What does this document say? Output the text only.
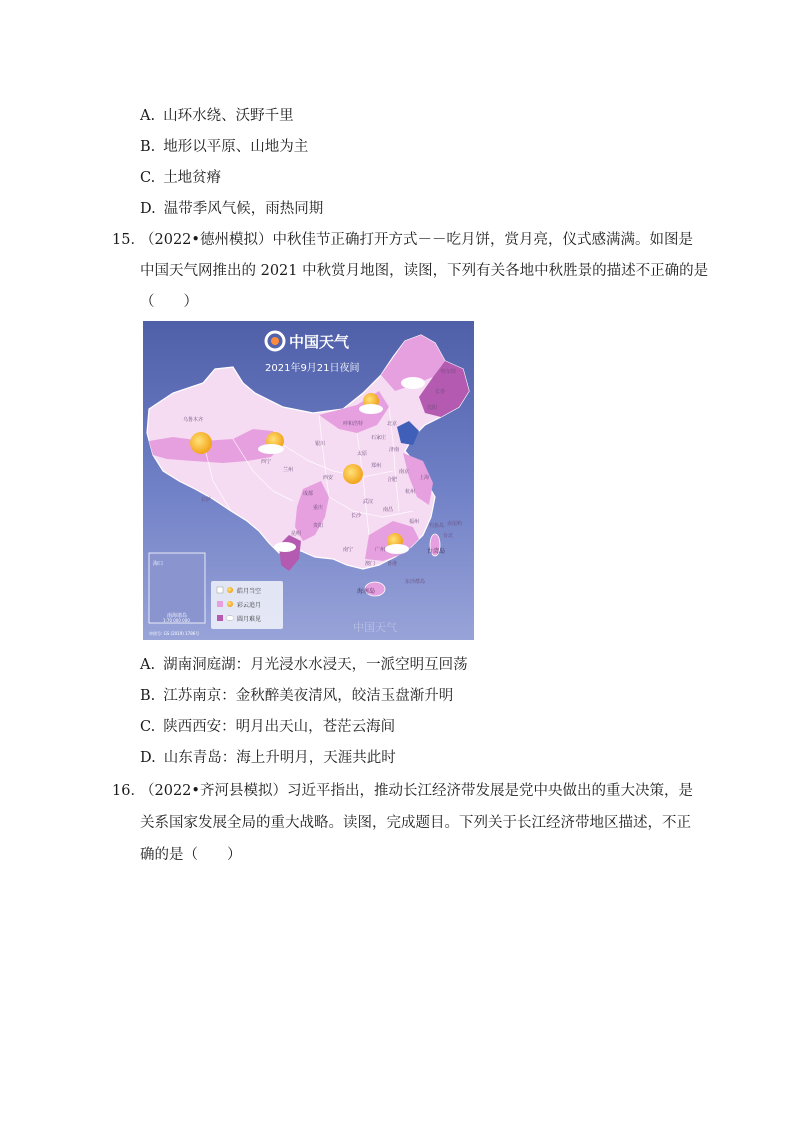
A. 山环水绕、沃野千里
B. 地形以平原、山地为主
C. 土地贫瘠
D. 温带季风气候，雨热同期
15．
（2022•德州模拟）中秋佳节正确打开方式－－吃月饼，赏月亮，仪式感满满。如图是
中国天气网推出的 2021 中秋赏月地图，读图，下列有关各地中秋胜景的描述不正确的是
（　　）
中国天气
2021年9月21日夜间
乌鲁木齐
拉萨
西宁
兰州
西安
成都
重庆
贵阳
昆明
武汉
长沙
南昌
杭州
福州
广州
南宁
台北
台湾岛
海南岛
香港
澳门
哈尔滨
长春
沈阳
北京
石家庄
太原
济南
郑州
合肥
南京
上海
呼和浩特
银川
钓鱼岛 赤尾屿
东沙群岛
海口
南海诸岛
1:70 000 000
皓月当空
彩云追月
圆月难见
审图号: GS (2019) 1786号	中国天气
A. 湖南洞庭湖：月光浸水水浸天，一派空明互回荡
B. 江苏南京：金秋醉美夜清风，皎洁玉盘渐升明
C. 陕西西安：明月出天山，苍茫云海间
D. 山东青岛：海上升明月，天涯共此时
16．
（2022•齐河县模拟）习近平指出，推动长江经济带发展是党中央做出的重大决策，是
关系国家发展全局的重大战略。读图，完成题目。下列关于长江经济带地区描述，不正
确的是（　　）
